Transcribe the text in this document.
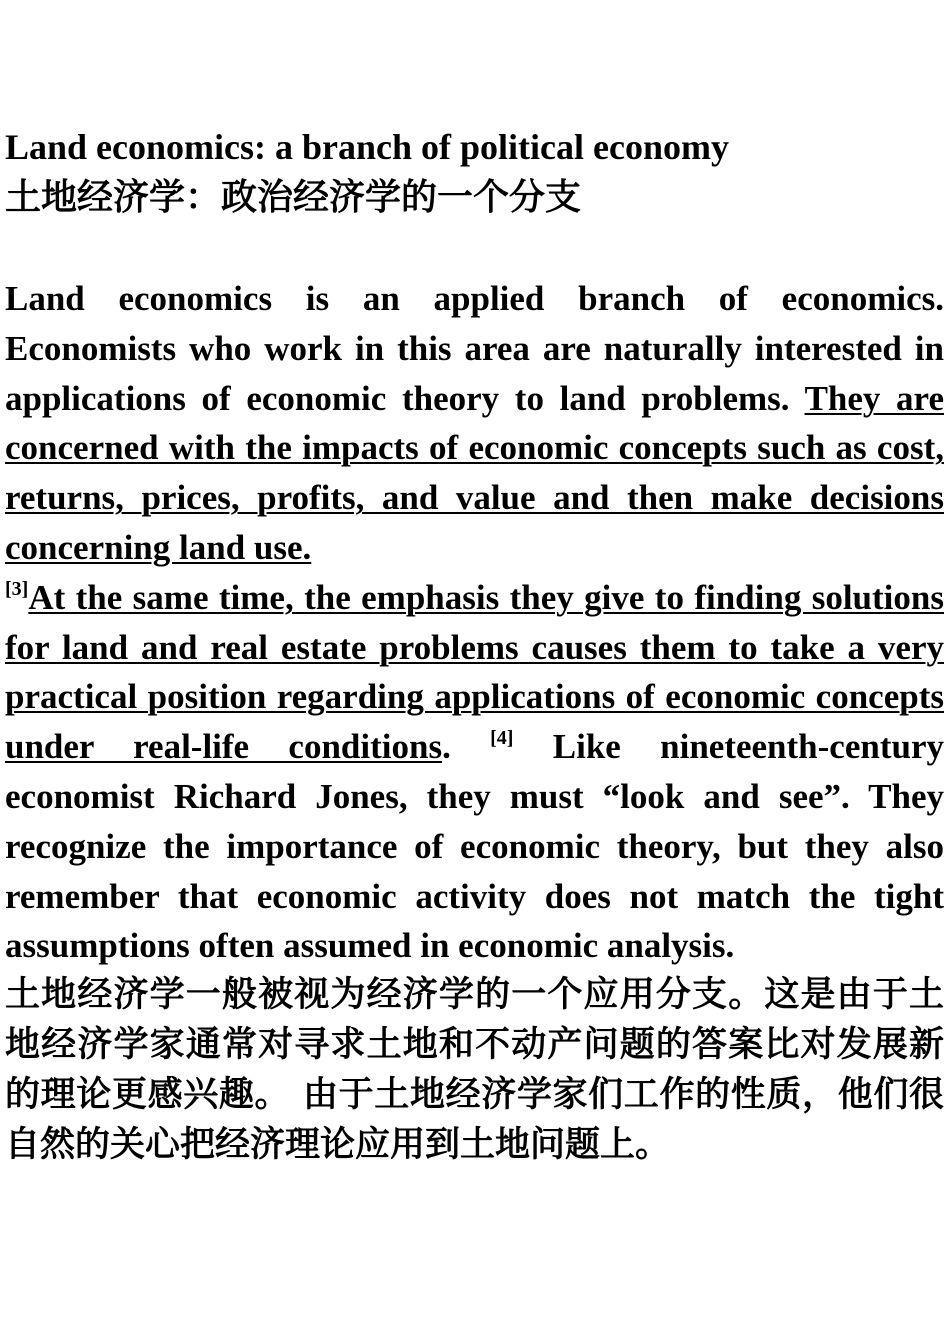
Land economics: a branch of political economy
土地经济学：政治经济学的一个分支

Land economics is an applied branch of economics. Economists who work in this area are naturally interested in applications of economic theory to land problems. They are concerned with the impacts of economic concepts such as cost, returns, prices, profits, and value and then make decisions concerning land use.
[3]At the same time, the emphasis they give to finding solutions for land and real estate problems causes them to take a very practical position regarding applications of economic concepts under real-life conditions. [4] Like nineteenth-century economist Richard Jones, they must “look and see”. They recognize the importance of economic theory, but they also remember that economic activity does not match the tight assumptions often assumed in economic analysis.

土地经济学一般被视为经济学的一个应用分支。这是由于土地经济学家通常对寻求土地和不动产问题的答案比对发展新的理论更感兴趣。 由于土地经济学家们工作的性质，他们很自然的关心把经济理论应用到土地问题上。
